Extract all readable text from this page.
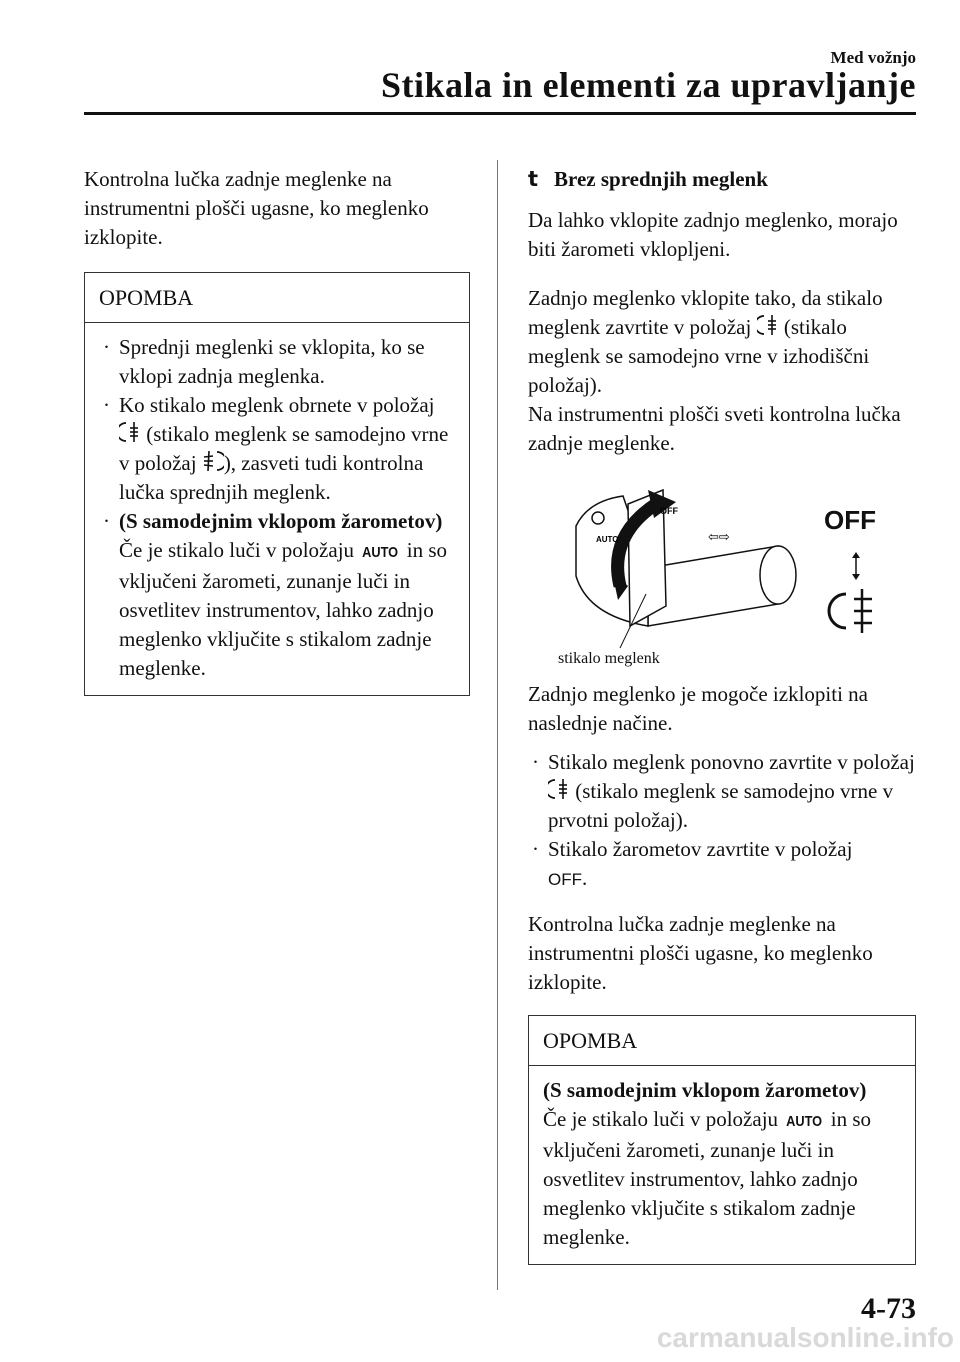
Med vožnjo
Stikala in elementi za upravljanje

Kontrolna lučka zadnje meglenke na instrumentni plošči ugasne, ko meglenko izklopite.

OPOMBA
· Sprednji meglenki se vklopita, ko se vklopi zadnja meglenka.
· Ko stikalo meglenk obrnete v položaj  (stikalo meglenk se samodejno vrne v položaj ), zasveti tudi kontrolna lučka sprednjih meglenk.
· (S samodejnim vklopom žarometov)
Če je stikalo luči v položaju AUTO in so vključeni žarometi, zunanje luči in osvetlitev instrumentov, lahko zadnjo meglenko vključite s stikalom zadnje meglenke.
t Brez sprednjih meglenk

Da lahko vklopite zadnjo meglenko, morajo biti žarometi vklopljeni.

Zadnjo meglenko vklopite tako, da stikalo meglenk zavrtite v položaj (stikalo meglenk se samodejno vrne v izhodiščni položaj).
Na instrumentni plošči sveti kontrolna lučka zadnje meglenke.

OFF
AUTO	⇦⇨
OFF
stikalo meglenk

Zadnjo meglenko je mogoče izklopiti na naslednje načine.

· Stikalo meglenk ponovno zavrtite v položaj  (stikalo meglenk se samodejno vrne v prvotni položaj).
· Stikalo žarometov zavrtite v položaj
OFF.

Kontrolna lučka zadnje meglenke na instrumentni plošči ugasne, ko meglenko izklopite.

OPOMBA
(S samodejnim vklopom žarometov)
Če je stikalo luči v položaju AUTO in so vključeni žarometi, zunanje luči in osvetlitev instrumentov, lahko zadnjo meglenko vključite s stikalom zadnje meglenke.
4-73
carmanualsonline.info
